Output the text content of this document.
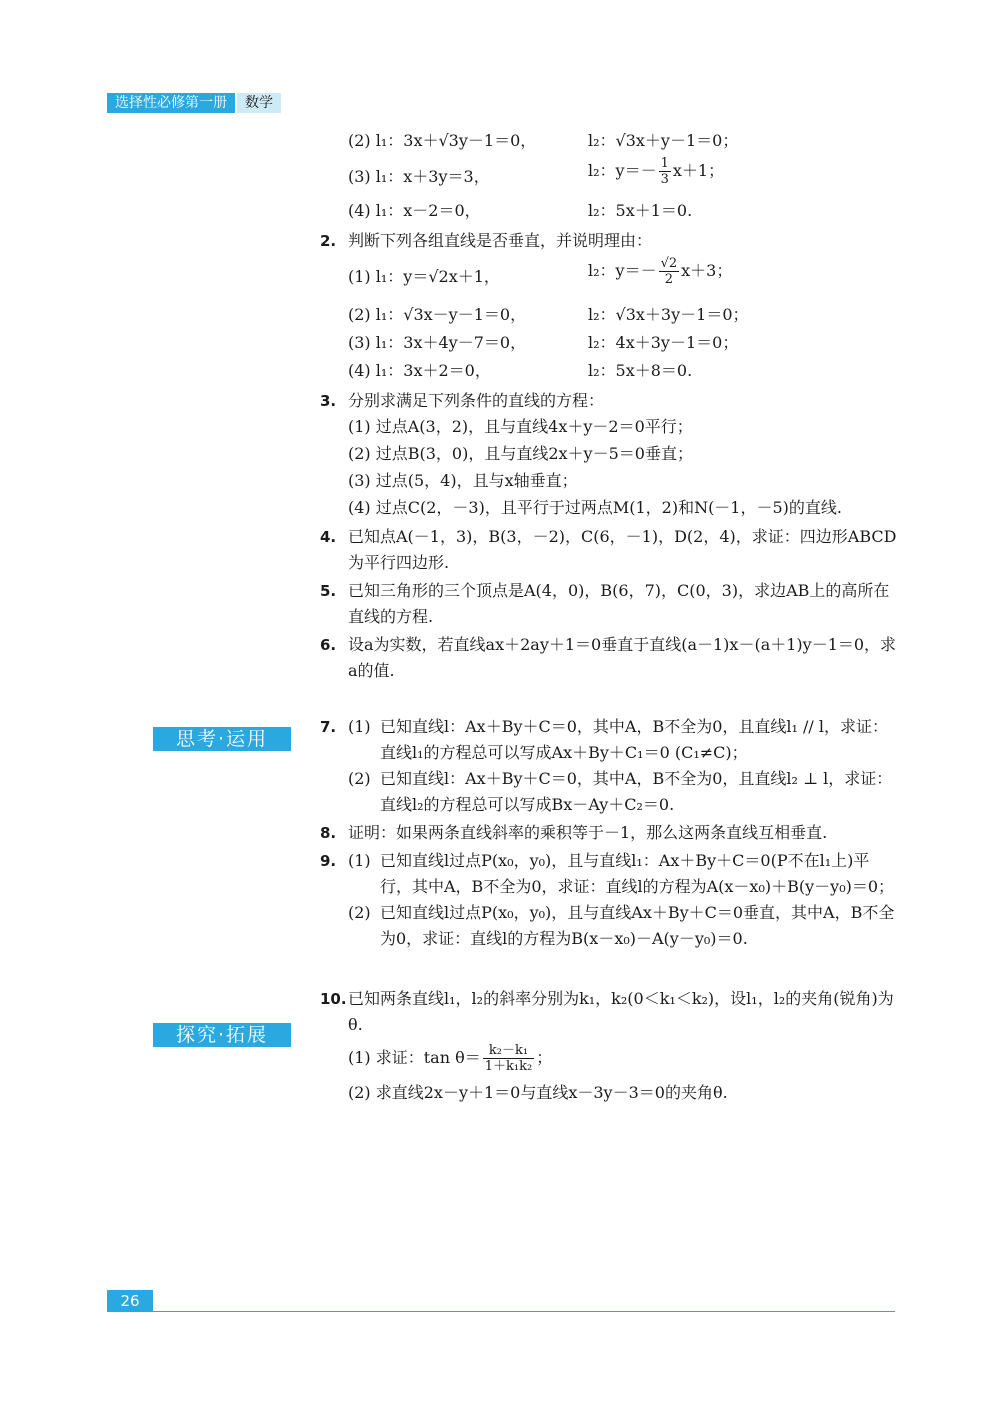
选择性必修第一册	数学
(2) l₁：3x＋√3y－1＝0，	l₂：√3x＋y－1＝0；
(3) l₁：x＋3y＝3，	l₂：$y=- \frac{1}{3} x+1$；
(4) l₁：x－2＝0，	l₂：5x＋1＝0.
2. 判断下列各组直线是否垂直，并说明理由：
(1) l₁：y＝√2x＋1，	l₂：$y=- \frac{√2}{2} x+3$；
(2) l₁：√3x－y－1＝0，	l₂：√3x＋3y－1＝0；
(3) l₁：3x＋4y－7＝0，	l₂：4x＋3y－1＝0；
(4) l₁：3x＋2＝0，	l₂：5x＋8＝0.
3. 分别求满足下列条件的直线的方程：
(1) 过点A(3，2)，且与直线4x＋y－2＝0平行；
(2) 过点B(3，0)，且与直线2x＋y－5＝0垂直；
(3) 过点(5，4)，且与x轴垂直；
(4) 过点C(2，－3)，且平行于过两点M(1，2)和N(－1，－5)的直线.
4. 已知点A(－1，3)，B(3，－2)，C(6，－1)，D(2，4)，求证：四边形ABCD为平行四边形.
5. 已知三角形的三个顶点是A(4，0)，B(6，7)，C(0，3)，求边AB上的高所在直线的方程.
6. 设a为实数，若直线ax＋2ay＋1＝0垂直于直线(a－1)x－(a＋1)y－1＝0，求a的值.
7. (1) 已知直线l：Ax＋By＋C＝0，其中A，B不全为0，且直线l₁ // l，求证：直线l₁的方程总可以写成Ax＋By＋C₁＝0 (C₁≠C)；
(2) 已知直线l：Ax＋By＋C＝0，其中A，B不全为0，且直线l₂ ⊥ l，求证：直线l₂的方程总可以写成Bx－Ay＋C₂＝0.
8. 证明：如果两条直线斜率的乘积等于－1，那么这两条直线互相垂直.
9. (1) 已知直线l过点P(x₀，y₀)，且与直线l₁：Ax＋By＋C＝0(P不在l₁上)平行，其中A，B不全为0，求证：直线l的方程为A(x－x₀)＋B(y－y₀)＝0；
(2) 已知直线l过点P(x₀，y₀)，且与直线Ax＋By＋C＝0垂直，其中A，B不全为0，求证：直线l的方程为B(x－x₀)－A(y－y₀)＝0.
10. 已知两条直线l₁，l₂的斜率分别为k₁，k₂(0＜k₁＜k₂)，设l₁，l₂的夹角(锐角)为θ.
(1) 求证：$\tan \theta= \frac{\text{k₂－k₁}}{\text{1＋k₁k₂}}$ ；
(2) 求直线2x－y＋1＝0与直线x－3y－3＝0的夹角θ.
思考·运用
探究·拓展
26
